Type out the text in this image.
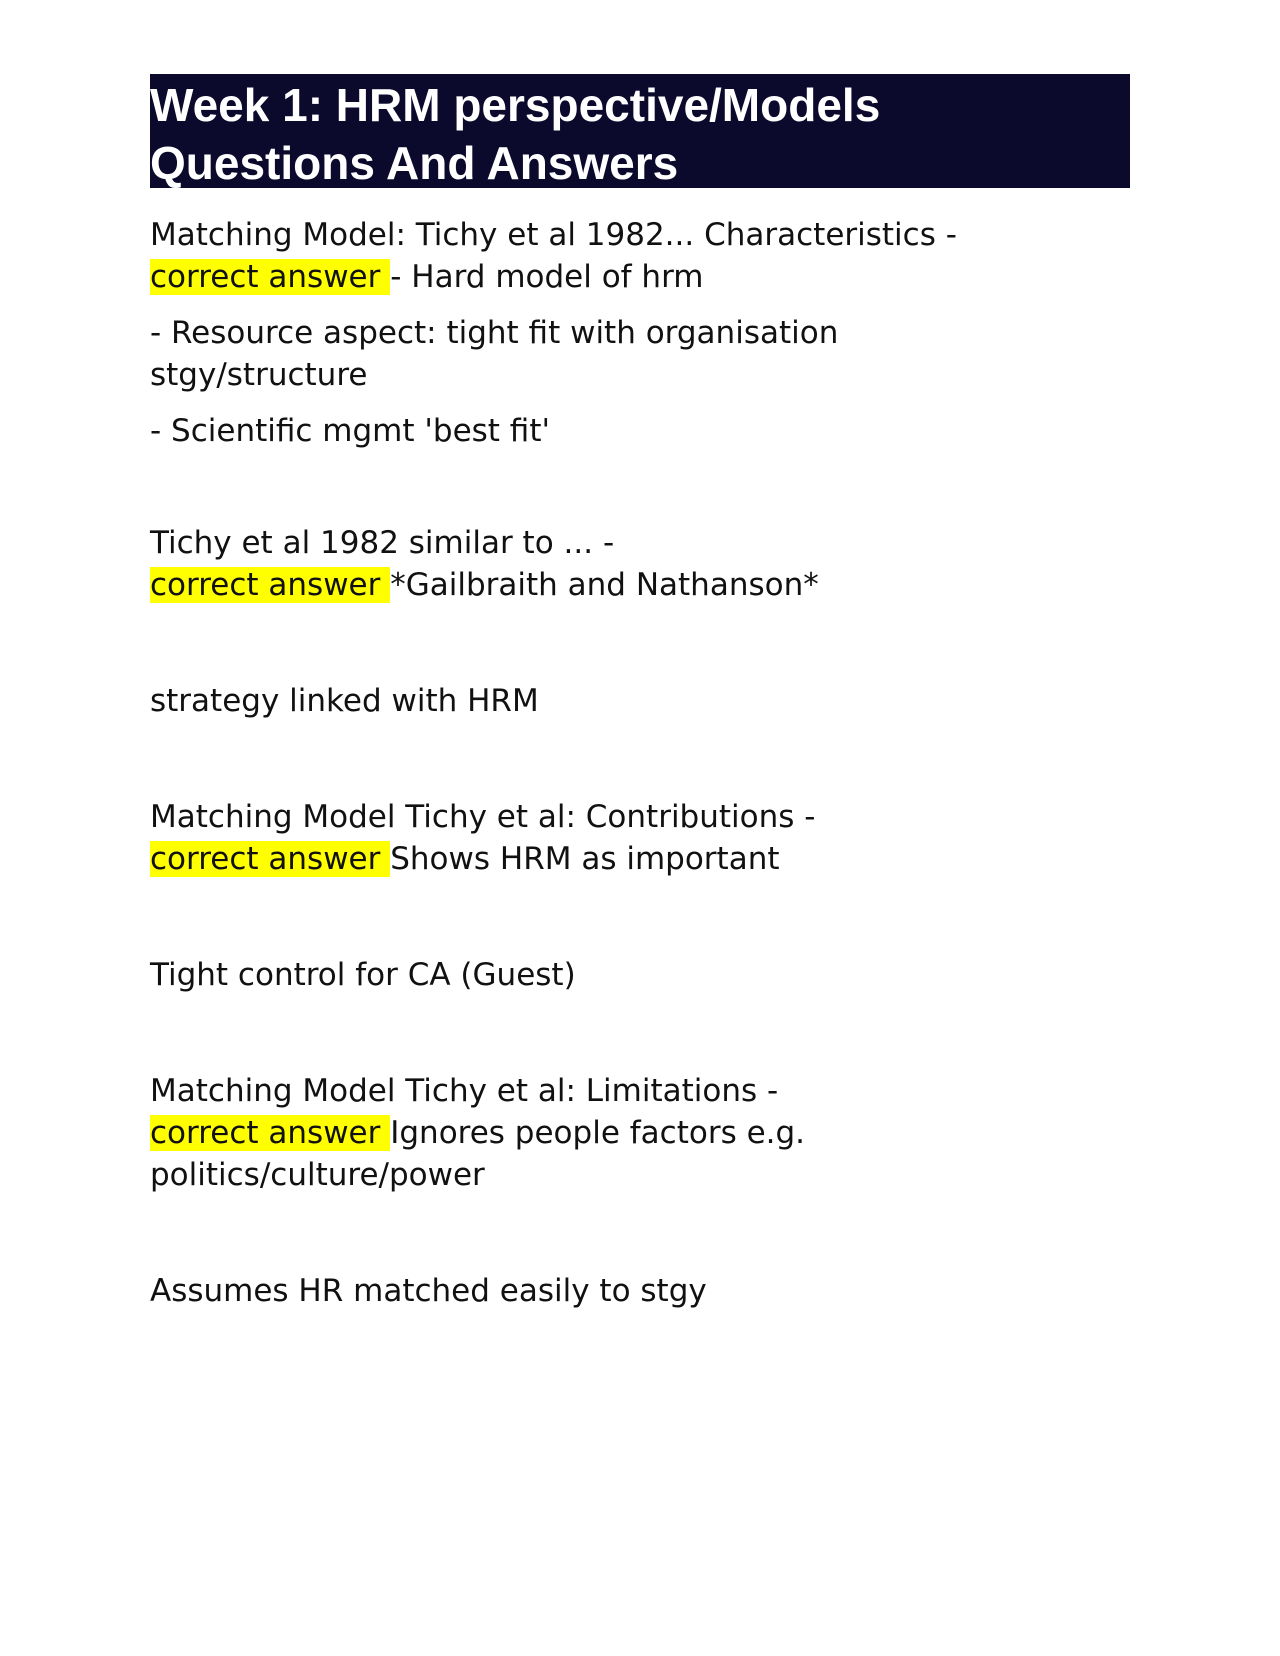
Week 1: HRM perspective/Models
Questions And Answers

Matching Model: Tichy et al 1982... Characteristics -

correct answer - Hard model of hrm

- Resource aspect: tight fit with organisation stgy/structure

- Scientific mgmt 'best fit'

Tichy et al 1982 similar to ... -

correct answer *Gailbraith and Nathanson*

strategy linked with HRM

Matching Model Tichy et al: Contributions -

correct answer Shows HRM as important

Tight control for CA (Guest)

Matching Model Tichy et al: Limitations -

correct answer Ignores people factors e.g. politics/culture/power

Assumes HR matched easily to stgy
